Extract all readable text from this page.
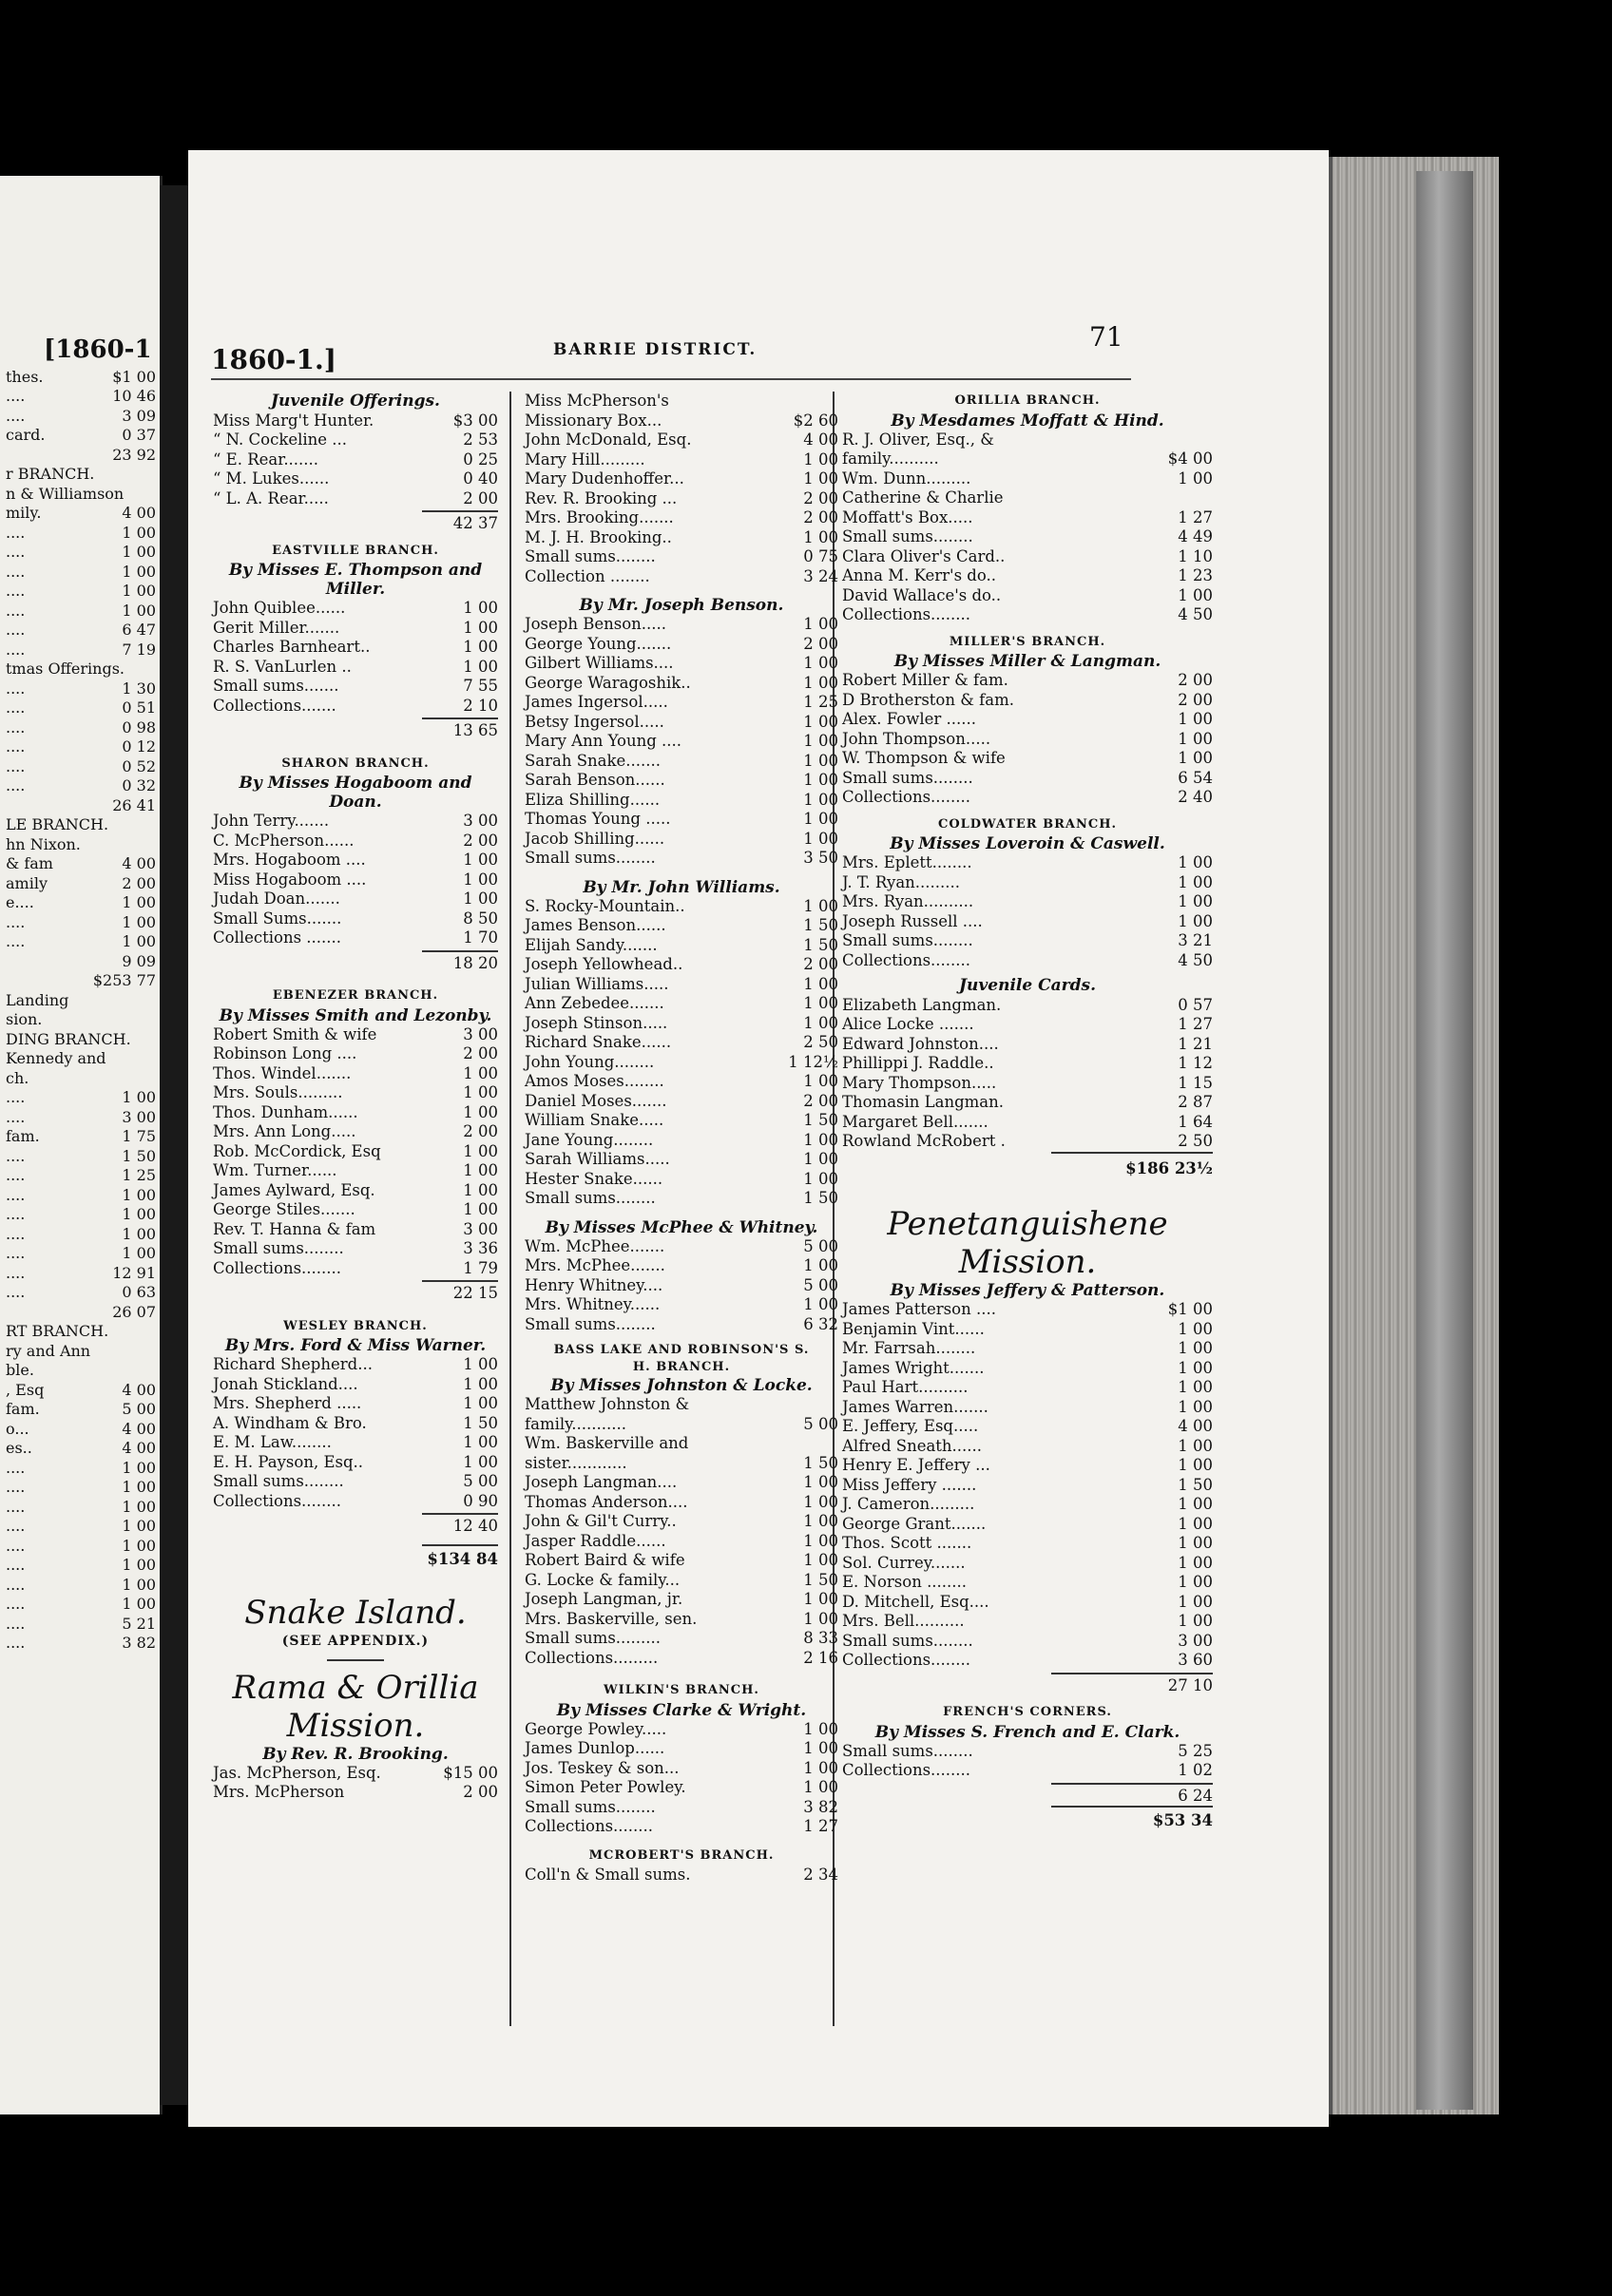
[1860-1
thes.	$1 00
....	10 46
....	3 09
card.	0 37
23 92
r BRANCH.
n & Williamson
mily.	4 00
....	1 00
....	1 00
....	1 00
....	1 00
....	1 00
....	6 47
....	7 19
tmas Offerings.
....	1 30
....	0 51
....	0 98
....	0 12
....	0 52
....	0 32
26 41
LE BRANCH.
hn Nixon.
& fam	4 00
amily	2 00
e....	1 00
....	1 00
....	1 00
9 09
$253 77
Landing
sion.
DING BRANCH.
Kennedy and
ch.
....	1 00
....	3 00
fam.	1 75
....	1 50
....	1 25
....	1 00
....	1 00
....	1 00
....	1 00
....	12 91
....	0 63
26 07
RT BRANCH.
ry and Ann
ble.
, Esq	4 00
fam.	5 00
o...	4 00
es..	4 00
....	1 00
....	1 00
....	1 00
....	1 00
....	1 00
....	1 00
....	1 00
....	1 00
....	5 21
....	3 82
1860-1.]	BARRIE DISTRICT.	71
Juvenile Offerings.
Miss Marg't Hunter.	$3 00
“ N. Cockeline ...	2 53
“ E. Rear.......	0 25
“ M. Lukes......	0 40
“ L. A. Rear.....	2 00
42 37
EASTVILLE BRANCH.
By Misses E. Thompson and Miller.
John Quiblee......	1 00
Gerit Miller.......	1 00
Charles Barnheart..	1 00
R. S. VanLurlen ..	1 00
Small sums.......	7 55
Collections.......	2 10
13 65
SHARON BRANCH.
By Misses Hogaboom and Doan.
John Terry.......	3 00
C. McPherson......	2 00
Mrs. Hogaboom ....	1 00
Miss Hogaboom ....	1 00
Judah Doan.......	1 00
Small Sums.......	8 50
Collections .......	1 70
18 20
EBENEZER BRANCH.
By Misses Smith and Lezonby.
Robert Smith & wife	3 00
Robinson Long ....	2 00
Thos. Windel.......	1 00
Mrs. Souls.........	1 00
Thos. Dunham......	1 00
Mrs. Ann Long.....	2 00
Rob. McCordick, Esq	1 00
Wm. Turner......	1 00
James Aylward, Esq.	1 00
George Stiles.......	1 00
Rev. T. Hanna & fam	3 00
Small sums........	3 36
Collections........	1 79
22 15
WESLEY BRANCH.
By Mrs. Ford & Miss Warner.
Richard Shepherd...	1 00
Jonah Stickland....	1 00
Mrs. Shepherd .....	1 00
A. Windham & Bro.	1 50
E. M. Law........	1 00
E. H. Payson, Esq..	1 00
Small sums........	5 00
Collections........	0 90
12 40
$134 84
Snake Island.
(SEE APPENDIX.)
Rama & Orillia
Mission.
By Rev. R. Brooking.
Jas. McPherson, Esq.	$15 00
Mrs. McPherson	2 00
Miss McPherson's
Missionary Box...	$2 60
John McDonald, Esq.	4 00
Mary Hill.........	1 00
Mary Dudenhoffer...	1 00
Rev. R. Brooking ...	2 00
Mrs. Brooking.......	2 00
M. J. H. Brooking..	1 00
Small sums........	0 75
Collection ........	3 24
By Mr. Joseph Benson.
Joseph Benson.....	1 00
George Young.......	2 00
Gilbert Williams....	1 00
George Waragoshik..	1 00
James Ingersol.....	1 25
Betsy Ingersol.....	1 00
Mary Ann Young ....	1 00
Sarah Snake.......	1 00
Sarah Benson......	1 00
Eliza Shilling......	1 00
Thomas Young .....	1 00
Jacob Shilling......	1 00
Small sums........	3 50
By Mr. John Williams.
S. Rocky-Mountain..	1 00
James Benson......	1 50
Elijah Sandy.......	1 50
Joseph Yellowhead..	2 00
Julian Williams.....	1 00
Ann Zebedee.......	1 00
Joseph Stinson.....	1 00
Richard Snake......	2 50
John Young........	1 12½
Amos Moses........	1 00
Daniel Moses.......	2 00
William Snake.....	1 50
Jane Young........	1 00
Sarah Williams.....	1 00
Hester Snake......	1 00
Small sums........	1 50
By Misses McPhee & Whitney.
Wm. McPhee.......	5 00
Mrs. McPhee.......	1 00
Henry Whitney....	5 00
Mrs. Whitney......	1 00
Small sums........	6 32
BASS LAKE AND ROBINSON'S S. H. BRANCH.
By Misses Johnston & Locke.
Matthew Johnston &
family...........	5 00
Wm. Baskerville and
sister............	1 50
Joseph Langman....	1 00
Thomas Anderson....	1 00
John & Gil't Curry..	1 00
Jasper Raddle......	1 00
Robert Baird & wife	1 00
G. Locke & family...	1 50
Joseph Langman, jr.	1 00
Mrs. Baskerville, sen.	1 00
Small sums.........	8 33
Collections.........	2 16
WILKIN'S BRANCH.
By Misses Clarke & Wright.
George Powley.....	1 00
James Dunlop......	1 00
Jos. Teskey & son...	1 00
Simon Peter Powley.	1 00
Small sums........	3 82
Collections........	1 27
MCROBERT'S BRANCH.
Coll'n & Small sums.	2 34
ORILLIA BRANCH.
By Mesdames Moffatt & Hind.
R. J. Oliver, Esq., &
family..........	$4 00
Wm. Dunn.........	1 00
Catherine & Charlie
Moffatt's Box.....	1 27
Small sums........	4 49
Clara Oliver's Card..	1 10
Anna M. Kerr's do..	1 23
David Wallace's do..	1 00
Collections........	4 50
MILLER'S BRANCH.
By Misses Miller & Langman.
Robert Miller & fam.	2 00
D Brotherston & fam.	2 00
Alex. Fowler ......	1 00
John Thompson.....	1 00
W. Thompson & wife	1 00
Small sums........	6 54
Collections........	2 40
COLDWATER BRANCH.
By Misses Loveroin & Caswell.
Mrs. Eplett........	1 00
J. T. Ryan.........	1 00
Mrs. Ryan..........	1 00
Joseph Russell ....	1 00
Small sums........	3 21
Collections........	4 50
Juvenile Cards.
Elizabeth Langman.	0 57
Alice Locke .......	1 27
Edward Johnston....	1 21
Phillippi J. Raddle..	1 12
Mary Thompson.....	1 15
Thomasin Langman.	2 87
Margaret Bell.......	1 64
Rowland McRobert .	2 50
$186 23½
Penetanguishene
Mission.
By Misses Jeffery & Patterson.
James Patterson ....	$1 00
Benjamin Vint......	1 00
Mr. Farrsah........	1 00
James Wright.......	1 00
Paul Hart..........	1 00
James Warren.......	1 00
E. Jeffery, Esq.....	4 00
Alfred Sneath......	1 00
Henry E. Jeffery ...	1 00
Miss Jeffery .......	1 50
J. Cameron.........	1 00
George Grant.......	1 00
Thos. Scott .......	1 00
Sol. Currey.......	1 00
E. Norson ........	1 00
D. Mitchell, Esq....	1 00
Mrs. Bell..........	1 00
Small sums........	3 00
Collections........	3 60
27 10
FRENCH'S CORNERS.
By Misses S. French and E. Clark.
Small sums........	5 25
Collections........	1 02
6 24
$53 34
